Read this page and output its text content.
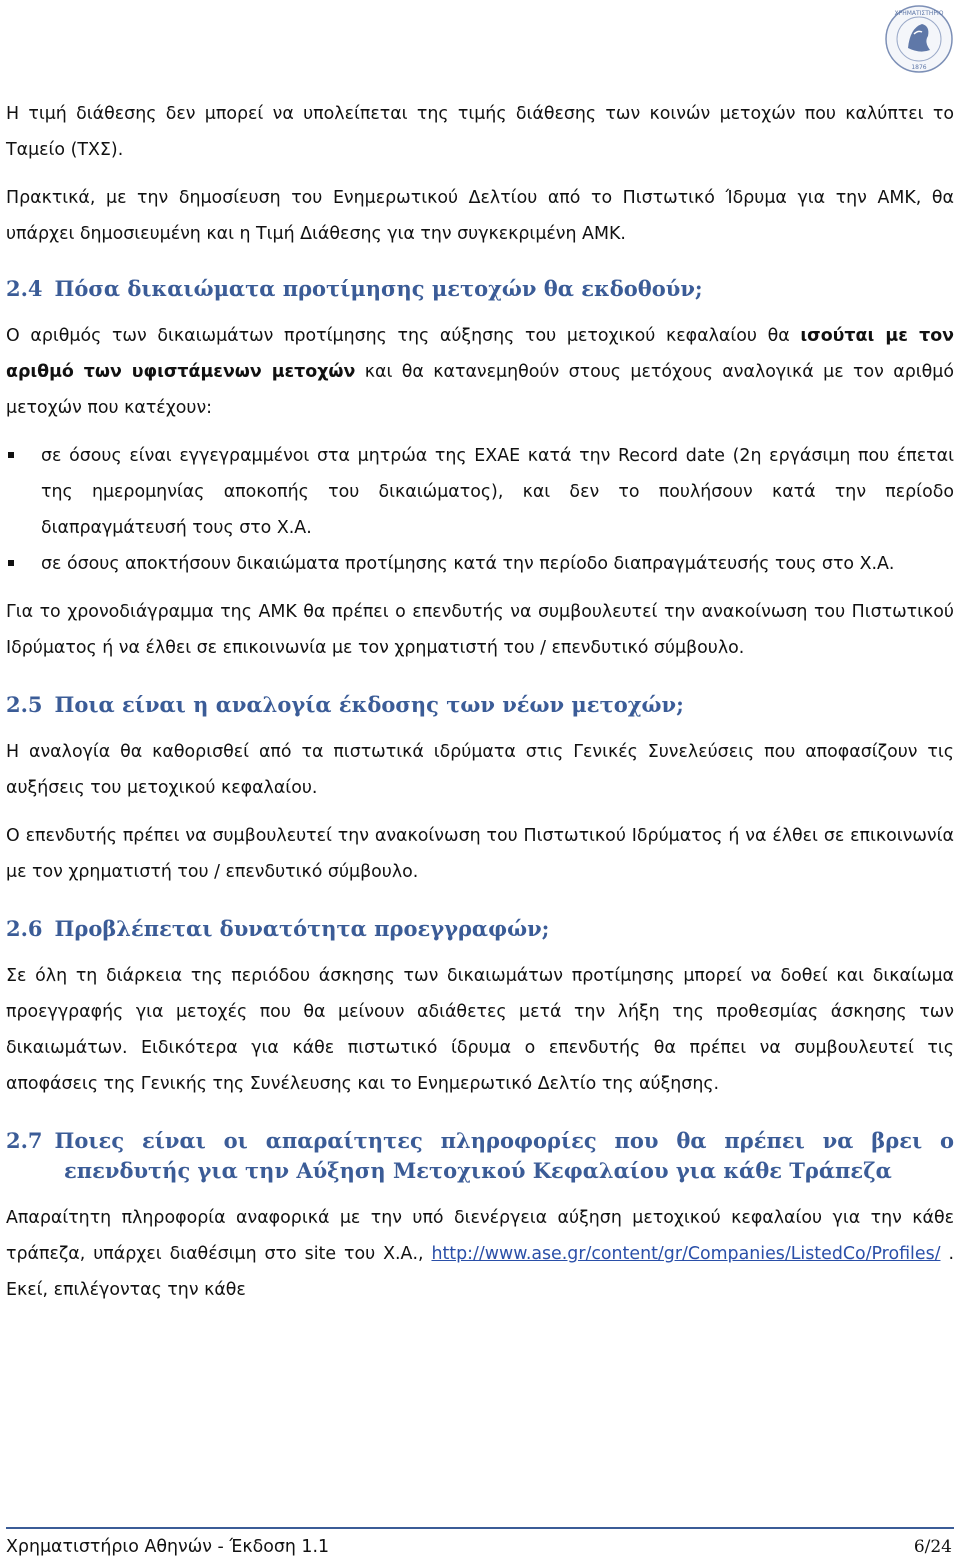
ΧΡΗΜΑΤΙΣΤΗΡΙΟ
1876

Η τιμή διάθεσης δεν μπορεί να υπολείπεται της τιμής διάθεσης των κοινών μετοχών που καλύπτει το Ταμείο (ΤΧΣ).

Πρακτικά, με την δημοσίευση του Ενημερωτικού Δελτίου από το Πιστωτικό Ίδρυμα για την ΑΜΚ, θα υπάρχει δημοσιευμένη και η Τιμή Διάθεσης για την συγκεκριμένη ΑΜΚ.

2.4 Πόσα δικαιώματα προτίμησης μετοχών θα εκδοθούν;

Ο αριθμός των δικαιωμάτων προτίμησης της αύξησης του μετοχικού κεφαλαίου θα ισούται με τον αριθμό των υφιστάμενων μετοχών και θα κατανεμηθούν στους μετόχους αναλογικά με τον αριθμό μετοχών που κατέχουν:

σε όσους είναι εγγεγραμμένοι στα μητρώα της ΕΧΑΕ κατά την Record date (2η εργάσιμη που έπεται της ημερομηνίας αποκοπής του δικαιώματος), και δεν το πουλήσουν κατά την περίοδο διαπραγμάτευσή τους στο Χ.Α.
σε όσους αποκτήσουν δικαιώματα προτίμησης κατά την περίοδο διαπραγμάτευσής τους στο Χ.Α.

Για το χρονοδιάγραμμα της ΑΜΚ θα πρέπει ο επενδυτής να συμβουλευτεί την ανακοίνωση του Πιστωτικού Ιδρύματος ή να έλθει σε επικοινωνία με τον χρηματιστή του / επενδυτικό σύμβουλο.

2.5 Ποια είναι η αναλογία έκδοσης των νέων μετοχών;

Η αναλογία θα καθορισθεί από τα πιστωτικά ιδρύματα στις Γενικές Συνελεύσεις που αποφασίζουν τις αυξήσεις του μετοχικού κεφαλαίου.

Ο επενδυτής πρέπει να συμβουλευτεί την ανακοίνωση του Πιστωτικού Ιδρύματος ή να έλθει σε επικοινωνία με τον χρηματιστή του / επενδυτικό σύμβουλο.

2.6 Προβλέπεται δυνατότητα προεγγραφών;

Σε όλη τη διάρκεια της περιόδου άσκησης των δικαιωμάτων προτίμησης μπορεί να δοθεί και δικαίωμα προεγγραφής για μετοχές που θα μείνουν αδιάθετες μετά την λήξη της προθεσμίας άσκησης των δικαιωμάτων. Ειδικότερα για κάθε πιστωτικό ίδρυμα ο επενδυτής θα πρέπει να συμβουλευτεί τις αποφάσεις της Γενικής της Συνέλευσης και το Ενημερωτικό Δελτίο της αύξησης.

2.7 Ποιες είναι οι απαραίτητες πληροφορίες που θα πρέπει να βρει ο επενδυτής για την Αύξηση Μετοχικού Κεφαλαίου για κάθε Τράπεζα

Απαραίτητη πληροφορία αναφορικά με την υπό διενέργεια αύξηση μετοχικού κεφαλαίου για την κάθε τράπεζα, υπάρχει διαθέσιμη στο site του Χ.Α., http://www.ase.gr/content/gr/Companies/ListedCo/Profiles/ . Εκεί, επιλέγοντας την κάθε

Χρηματιστήριο Αθηνών - Έκδοση 1.1	6/24
